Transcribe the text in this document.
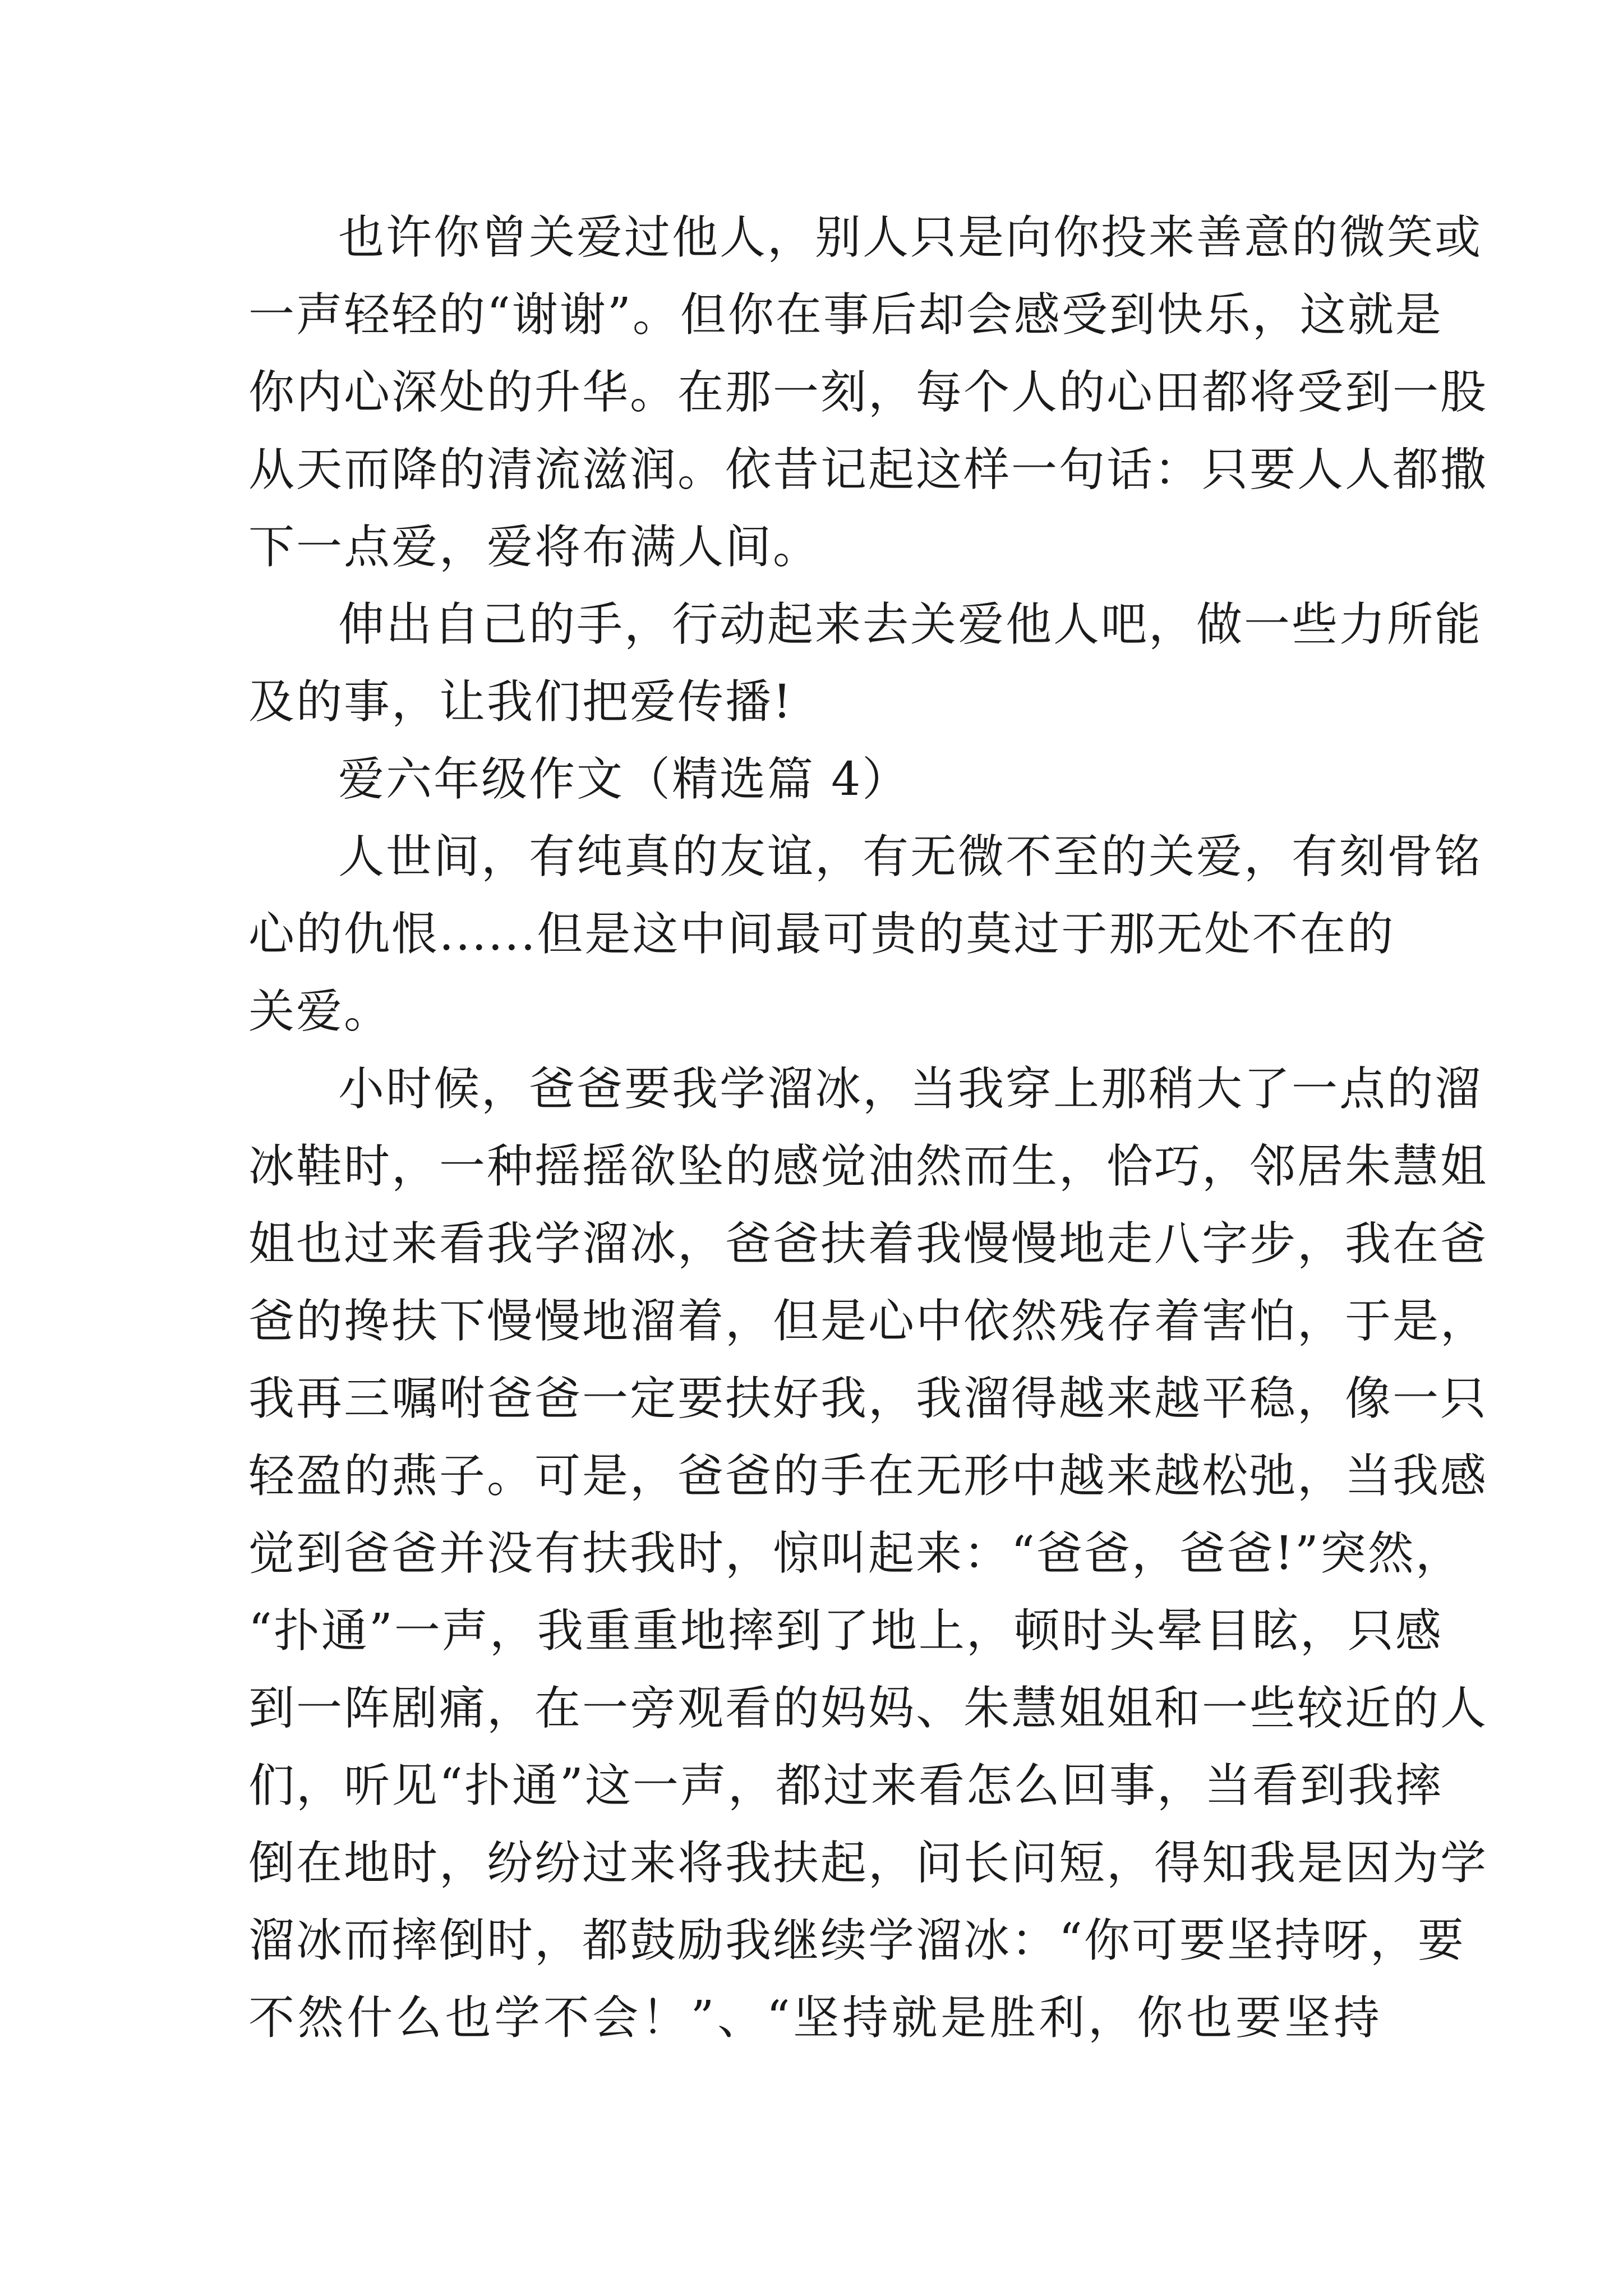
也许你曾关爱过他人，别人只是向你投来善意的微笑或
一声轻轻的“谢谢”。但你在事后却会感受到快乐，这就是
你内心深处的升华。在那一刻，每个人的心田都将受到一股
从天而降的清流滋润。依昔记起这样一句话：只要人人都撒
下一点爱，爱将布满人间。
伸出自己的手，行动起来去关爱他人吧，做一些力所能
及的事，让我们把爱传播!
爱六年级作文（精选篇 4）
人世间，有纯真的友谊，有无微不至的关爱，有刻骨铭
心的仇恨......但是这中间最可贵的莫过于那无处不在的
关爱。
小时候，爸爸要我学溜冰，当我穿上那稍大了一点的溜
冰鞋时，一种摇摇欲坠的感觉油然而生，恰巧，邻居朱慧姐
姐也过来看我学溜冰，爸爸扶着我慢慢地走八字步，我在爸
爸的搀扶下慢慢地溜着，但是心中依然残存着害怕，于是，
我再三嘱咐爸爸一定要扶好我，我溜得越来越平稳，像一只
轻盈的燕子。可是，爸爸的手在无形中越来越松弛，当我感
觉到爸爸并没有扶我时，惊叫起来：“爸爸，爸爸!”突然，
“扑通”一声，我重重地摔到了地上，顿时头晕目眩，只感
到一阵剧痛，在一旁观看的妈妈、朱慧姐姐和一些较近的人
们，听见“扑通”这一声，都过来看怎么回事，当看到我摔
倒在地时，纷纷过来将我扶起，问长问短，得知我是因为学
溜冰而摔倒时，都鼓励我继续学溜冰：“你可要坚持呀，要
不然什么也学不会！”、“坚持就是胜利，你也要坚持
